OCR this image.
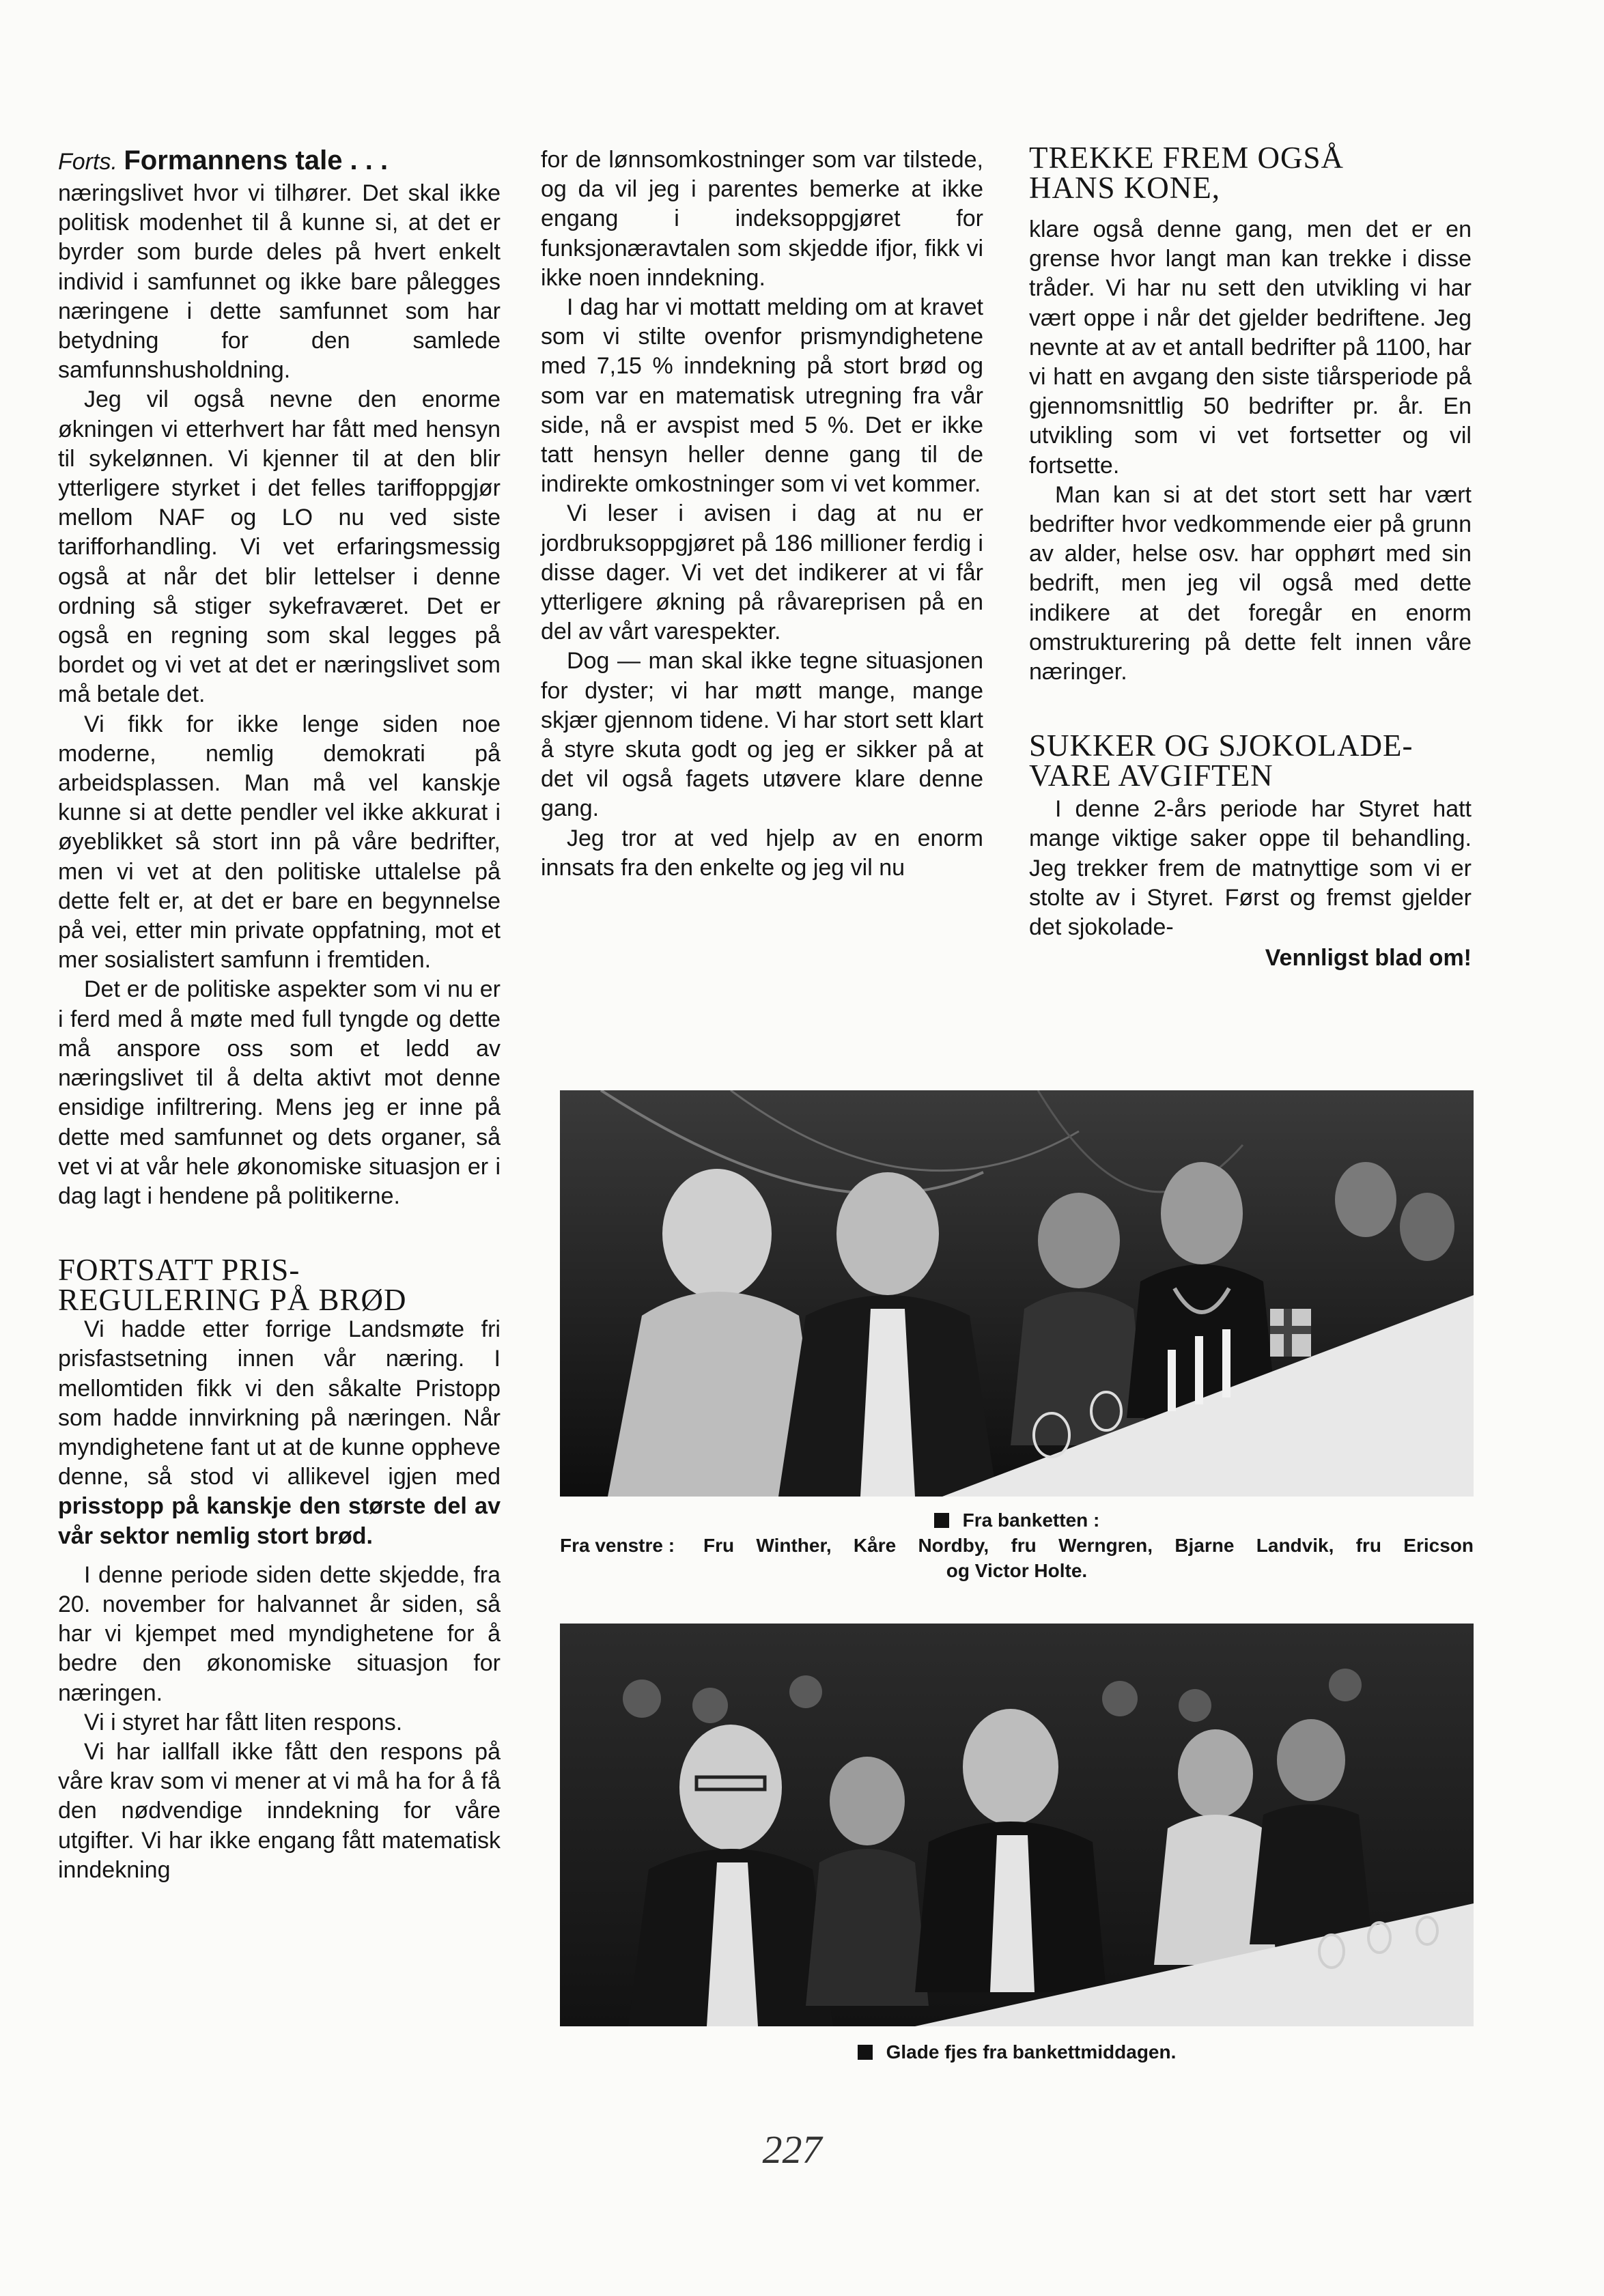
Forts. Formannens tale . . .

næringslivet hvor vi tilhører. Det skal ikke politisk modenhet til å kunne si, at det er byrder som burde deles på hvert enkelt individ i samfunnet og ikke bare pålegges næringene i dette samfunnet som har betydning for den samlede samfunnshusholdning.

Jeg vil også nevne den enorme økningen vi etterhvert har fått med hensyn til sykelønnen. Vi kjenner til at den blir ytterligere styrket i det felles tariffoppgjør mellom NAF og LO nu ved siste tarifforhandling. Vi vet erfaringsmessig også at når det blir lettelser i denne ordning så stiger sykefraværet. Det er også en regning som skal legges på bordet og vi vet at det er næringslivet som må betale det.

Vi fikk for ikke lenge siden noe moderne, nemlig demokrati på arbeidsplassen. Man må vel kanskje kunne si at dette pendler vel ikke akkurat i øyeblikket så stort inn på våre bedrifter, men vi vet at den politiske uttalelse på dette felt er, at det er bare en begynnelse på vei, etter min private oppfatning, mot et mer sosialistert samfunn i fremtiden.

Det er de politiske aspekter som vi nu er i ferd med å møte med full tyngde og dette må anspore oss som et ledd av næringslivet til å delta aktivt mot denne ensidige infiltrering. Mens jeg er inne på dette med samfunnet og dets organer, så vet vi at vår hele økonomiske situasjon er i dag lagt i hendene på politikerne.

FORTSATT PRIS-
REGULERING PÅ BRØD

Vi hadde etter forrige Landsmøte fri prisfastsetning innen vår næring. I mellomtiden fikk vi den såkalte Pristopp som hadde innvirkning på næringen. Når myndighetene fant ut at de kunne oppheve denne, så stod vi allikevel igjen med prisstopp på kanskje den største del av vår sektor nemlig stort brød.

I denne periode siden dette skjedde, fra 20. november for halvannet år siden, så har vi kjempet med myndighetene for å bedre den økonomiske situasjon for næringen.

Vi i styret har fått liten respons.

Vi har iallfall ikke fått den respons på våre krav som vi mener at vi må ha for å få den nødvendige inndekning for våre utgifter. Vi har ikke engang fått matematisk inndekning

for de lønnsomkostninger som var tilstede, og da vil jeg i parentes bemerke at ikke engang i indeksoppgjøret for funksjonæravtalen som skjedde ifjor, fikk vi ikke noen inndekning.

I dag har vi mottatt melding om at kravet som vi stilte ovenfor prismyndighetene med 7,15 % inndekning på stort brød og som var en matematisk utregning fra vår side, nå er avspist med 5 %. Det er ikke tatt hensyn heller denne gang til de indirekte omkostninger som vi vet kommer.

Vi leser i avisen i dag at nu er jordbruksoppgjøret på 186 millioner ferdig i disse dager. Vi vet det indikerer at vi får ytterligere økning på råvareprisen på en del av vårt varespekter.

Dog — man skal ikke tegne situasjonen for dyster; vi har møtt mange, mange skjær gjennom tidene. Vi har stort sett klart å styre skuta godt og jeg er sikker på at det vil også fagets utøvere klare denne gang.

Jeg tror at ved hjelp av en enorm innsats fra den enkelte og jeg vil nu

TREKKE FREM OGSÅ
HANS KONE,

klare også denne gang, men det er en grense hvor langt man kan trekke i disse tråder. Vi har nu sett den utvikling vi har vært oppe i når det gjelder bedriftene. Jeg nevnte at av et antall bedrifter på 1100, har vi hatt en avgang den siste tiårsperiode på gjennomsnittlig 50 bedrifter pr. år. En utvikling som vi vet fortsetter og vil fortsette.

Man kan si at det stort sett har vært bedrifter hvor vedkommende eier på grunn av alder, helse osv. har opphørt med sin bedrift, men jeg vil også med dette indikere at det foregår en enorm omstrukturering på dette felt innen våre næringer.

SUKKER OG SJOKOLADE-
VARE AVGIFTEN

I denne 2-års periode har Styret hatt mange viktige saker oppe til behandling. Jeg trekker frem de matnyttige som vi er stolte av i Styret. Først og fremst gjelder det sjokolade-

Vennligst blad om!
Fra banketten :
Fra venstre :	Fru Winther, Kåre Nordby, fru Werngren, Bjarne Landvik, fru Ericson
og Victor Holte.
Glade fjes fra bankettmiddagen.
227
